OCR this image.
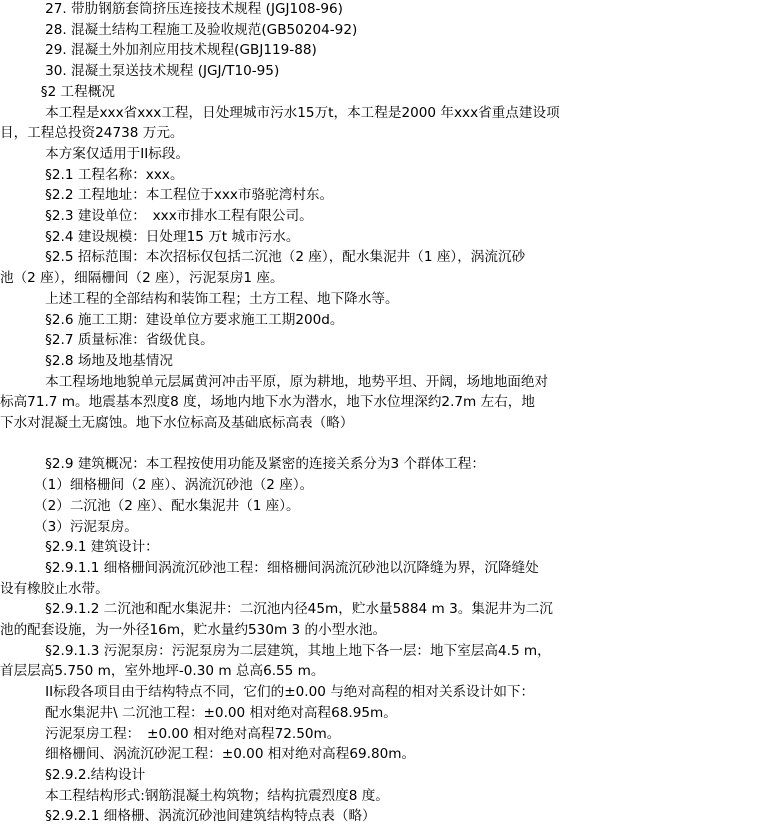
　　　 27. 带肋钢筋套筒挤压连接技术规程 (JGJ108-96)
　　　 28. 混凝土结构工程施工及验收规范(GB50204-92)
　　　 29. 混凝土外加剂应用技术规程(GBJ119-88)
　　　 30. 混凝土泵送技术规程 (JGJ/T10-95)
　　　§2 工程概况
　　　 本工程是xxx省xxx工程，日处理城市污水15万t，本工程是2000 年xxx省重点建设项
目，工程总投资24738 万元。
　　　 本方案仅适用于II标段。
　　　 §2.1 工程名称：xxx。
　　　 §2.2 工程地址：本工程位于xxx市骆驼湾村东。
　　　 §2.3 建设单位：　xxx市排水工程有限公司。
　　　 §2.4 建设规模：日处理15 万t 城市污水。
　　　 §2.5 招标范围：本次招标仅包括二沉池（2 座），配水集泥井（1 座），涡流沉砂
池（2 座），细隔栅间（2 座），污泥泵房1 座。
　　　 上述工程的全部结构和装饰工程；土方工程、地下降水等。
　　　 §2.6 施工工期：建设单位方要求施工工期200d。
　　　 §2.7 质量标准：省级优良。
　　　 §2.8 场地及地基情况
　　　 本工程场地地貌单元层属黄河冲击平原，原为耕地，地势平坦、开阔，场地地面绝对
标高71.7 m。地震基本烈度8 度，场地内地下水为潜水，地下水位埋深约2.7m 左右，地
下水对混凝土无腐蚀。地下水位标高及基础底标高表（略）
　　　 §2.9 建筑概况：本工程按使用功能及紧密的连接关系分为3 个群体工程：
　　　（1）细格栅间（2 座）、涡流沉砂池（2 座）。
　　　（2）二沉池（2 座）、配水集泥井（1 座）。
　　　（3）污泥泵房。
　　　 §2.9.1 建筑设计：
　　　 §2.9.1.1 细格栅间涡流沉砂池工程：细格栅间涡流沉砂池以沉降缝为界，沉降缝处
设有橡胶止水带。
　　　 §2.9.1.2 二沉池和配水集泥井：二沉池内径45m，贮水量5884 m 3。集泥井为二沉
池的配套设施，为一外径16m，贮水量约530m 3 的小型水池。
　　　 §2.9.1.3 污泥泵房：污泥泵房为二层建筑，其地上地下各一层：地下室层高4.5 m，
首层层高5.750 m，室外地坪-0.30 m 总高6.55 m。
　　　 II标段各项目由于结构特点不同，它们的±0.00 与绝对高程的相对关系设计如下：
　　　 配水集泥井\ 二沉池工程：±0.00 相对绝对高程68.95m。
　　　 污泥泵房工程：　±0.00 相对绝对高程72.50m。
　　　 细格栅间、涡流沉砂泥工程：±0.00 相对绝对高程69.80m。
　　　 §2.9.2.结构设计
　　　 本工程结构形式:钢筋混凝土构筑物；结构抗震烈度8 度。
　　　 §2.9.2.1 细格栅、涡流沉砂池间建筑结构特点表（略）
